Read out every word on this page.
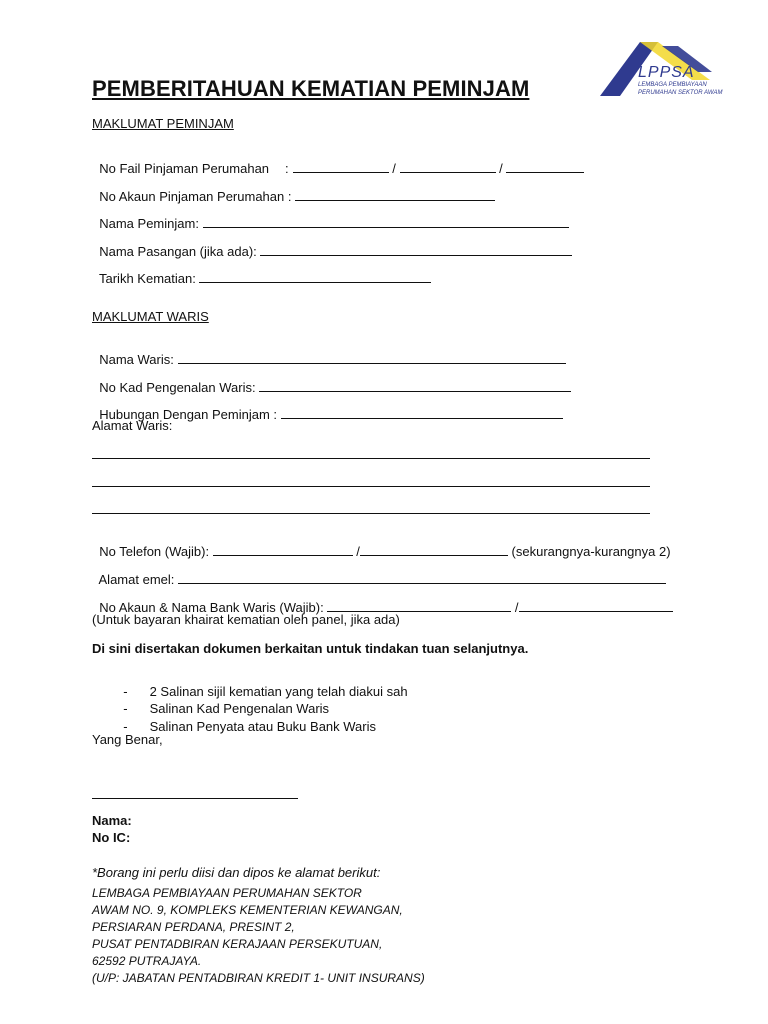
LPPSA
LEMBAGA PEMBIAYAAN
PERUMAHAN SEKTOR AWAM
PEMBERITAHUAN KEMATIAN PEMINJAM
MAKLUMAT PEMINJAM

No Fail Pinjaman Perumahan :	/	/

No Akaun Pinjaman Perumahan :

Nama Peminjam:

Nama Pasangan (jika ada):

Tarikh Kematian:

MAKLUMAT WARIS

Nama Waris:

No Kad Pengenalan Waris:

Hubungan Dengan Peminjam :

Alamat Waris:

No Telefon (Wajib):	/	(sekurangnya-kurangnya 2)

Alamat emel:

No Akaun & Nama Bank Waris (Wajib):	/

(Untuk bayaran khairat kematian oleh panel, jika ada)
Di sini disertakan dokumen berkaitan untuk tindakan tuan selanjutnya.

- 2 Salinan sijil kematian yang telah diakui sah

- Salinan Kad Pengenalan Waris

- Salinan Penyata atau Buku Bank Waris

Yang Benar,
Nama:
No IC:
*Borang ini perlu diisi dan dipos ke alamat berikut:
LEMBAGA PEMBIAYAAN PERUMAHAN SEKTOR
AWAM NO. 9, KOMPLEKS KEMENTERIAN KEWANGAN,
PERSIARAN PERDANA, PRESINT 2,
PUSAT PENTADBIRAN KERAJAAN PERSEKUTUAN,
62592 PUTRAJAYA.
(U/P: JABATAN PENTADBIRAN KREDIT 1- UNIT INSURANS)
